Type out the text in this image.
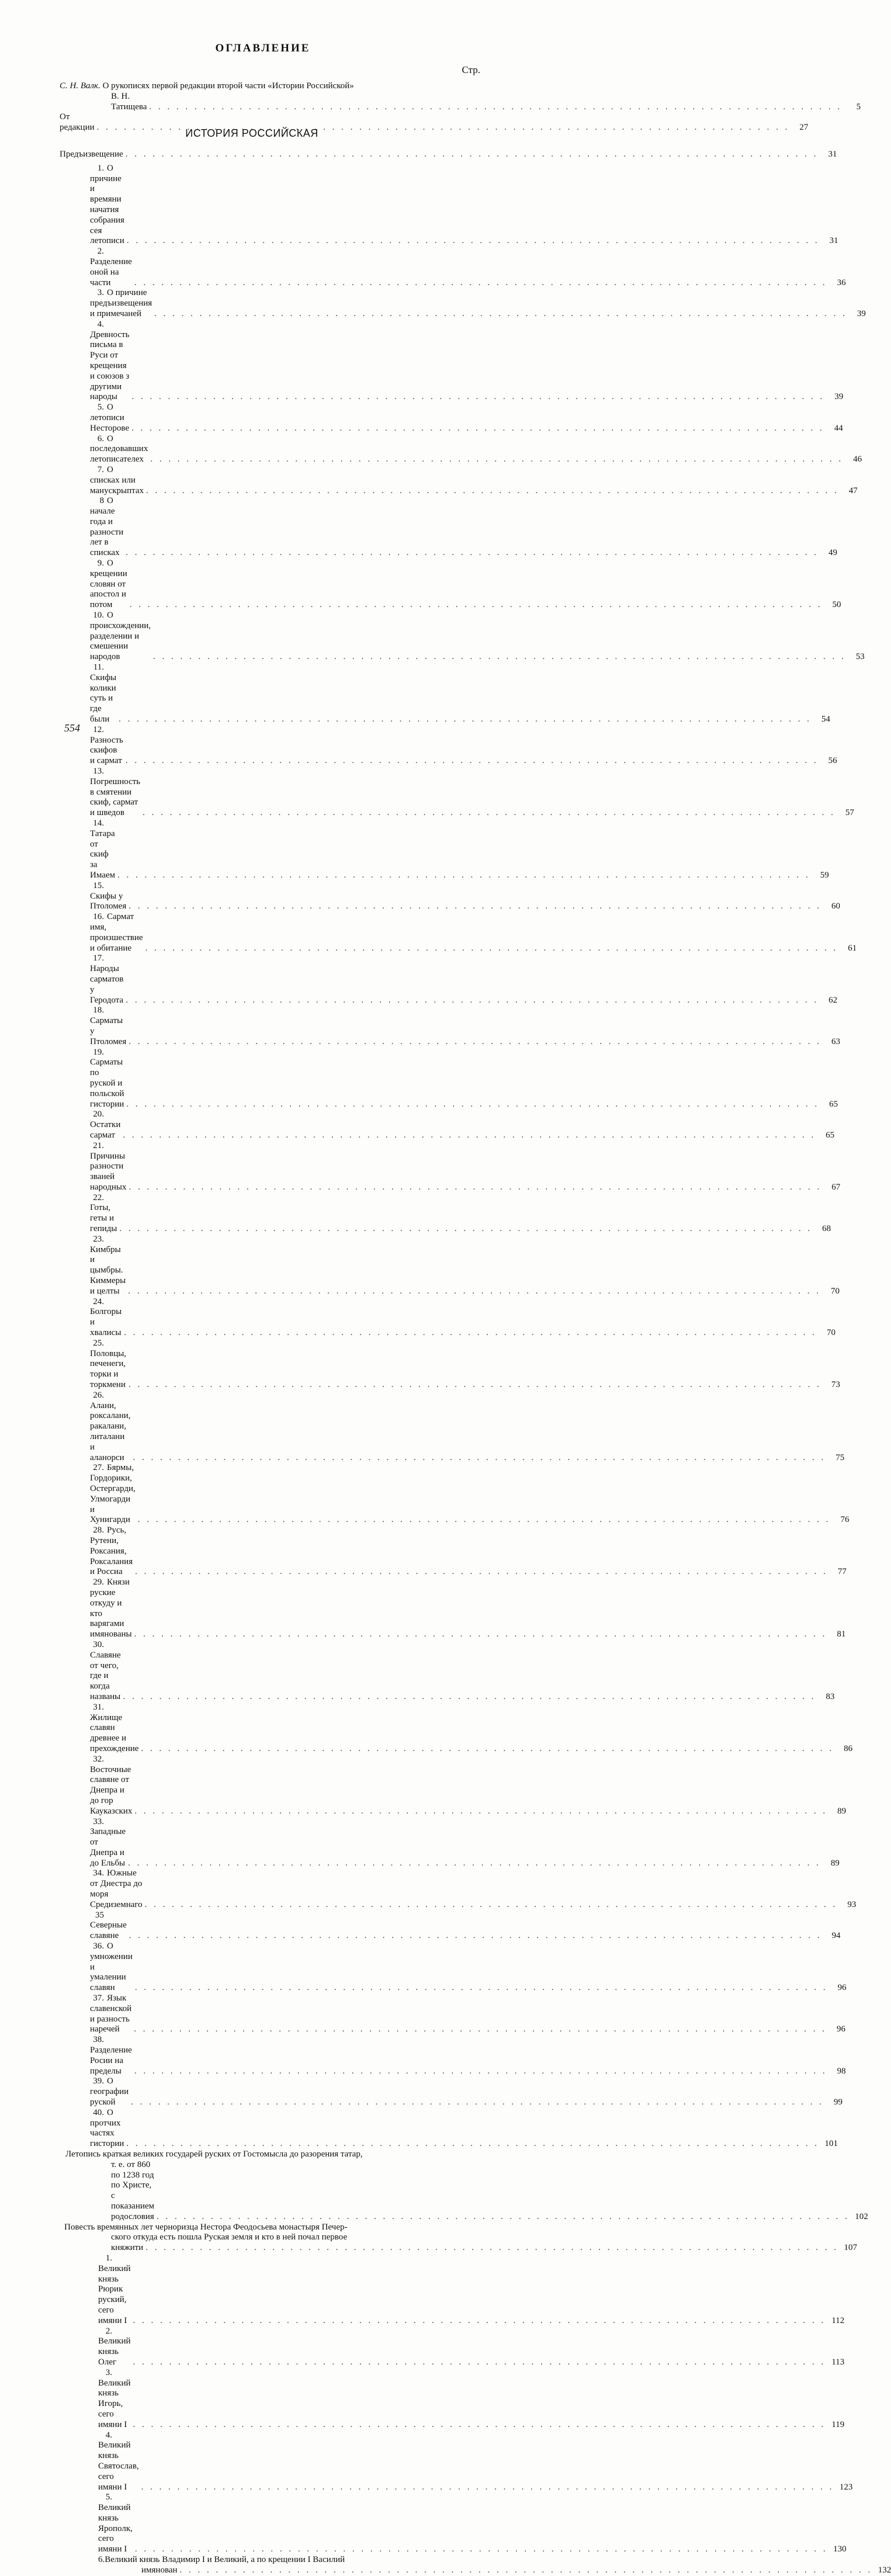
ОГЛАВЛЕНИЕ
Стр.
С. Н. Валк. О рукописях первой редакции второй части «Истории Российской»
В. Н. Татищева . . .	5
От редакции . . .	27
ИСТОРИЯ РОССИЙСКАЯ
Предъизвещение . . .	31
1. О причине и времяни начатия собрания сея летописи . . .	31
2.Разделение оной на части . . .	36
3. О причине предъизвещения и примечаней . . .	39
4.Древность письма в Руси от крещения и союзов з другими народы . . .	39
5. О летописи Несторове . . .	44
6. О последовавших летописателех . . .	46
7. О списках или манускрыптах . . .	47
8 О начале года и разности лет в списках . . .	49
9. О крещении словян от апостол и потом . . .	50
10. О происхождении, разделении и смешении народов . . .	53
11.Скифы колики суть и где были . . .	54
12.Разность скифов и сармат . . .	56
13.Погрешность в смятении скиф, сармат и шведов . . .	57
14.Татара от скиф за Имаем . . .	59
15.Скифы у Птоломея . . .	60
16. Сармат имя, произшествие и обитание . . .	61
17.Народы сарматов у Геродота . . .	62
18.Сарматы у Птоломея . . .	63
19.Сарматы по руской и польской гистории . . .	65
20.Остатки сармат . . .	65
21.Причины разности званей народных . . .	67
22.Готы, геты и гепиды . . .	68
23.Кимбры и цымбры. Киммеры и целты . . .	70
24.Болгоры и хвалисы . . .	70
25.Половцы, печенеги, торки и торкмени . . .	73
26.Алани, роксалани, ракалани, литалани и аланорси . . .	75
27. Бярмы, Гордорики, Остергарди, Улмогарди и Хунигарди . . .	76
28. Русь, Рутени, Роксания, Роксалания и Россиа . . .	77
29. Князи руские откуду и кто варягами имянованы . . .	81
30.Славяне от чего, где и когда названы . . .	83
31.Жилище славян древнее и прехождение . . .	86
32.Восточные славяне от Днепра и до гор Кауказских . . .	89
33.Западные от Днепра и до Ельбы . . .	89
34. Южные от Днестра до моря Средиземнаго . . .	93
35Северные славяне . . .	94
36. О умножении и умалении славян . . .	96
37. Язык славенской и разность наречей . . .	96
38.Разделение Росии на пределы . . .	98
39. О географии руской . . .	99
40. О протчих частях гистории . . .	101
Летопись краткая великих государей руских от Гостомысла до разорения татар,
т. е. от 860 по 1238 год по Христе, с показанием родословия . . .	102
Повесть времянных лет черноризца Нестора Феодосьева монастыря Печер-
ского откуда есть пошла Руская земля и кто в ней почал первое
княжити . . .	107
1.Великий князь Рюрик руский, сего имяни I . . .	112
2.Великий князь Олег . . .	113
3.Великий князь Игорь, сего имяни I . . .	119
4.Великий князь Святослав, сего имяни I . . .	123
5.Великий князь Ярополк, сего имяни I . . .	130
6.Великий князь Владимир I и Великий, а по крещении I Василий
имянован . . .	132
554
